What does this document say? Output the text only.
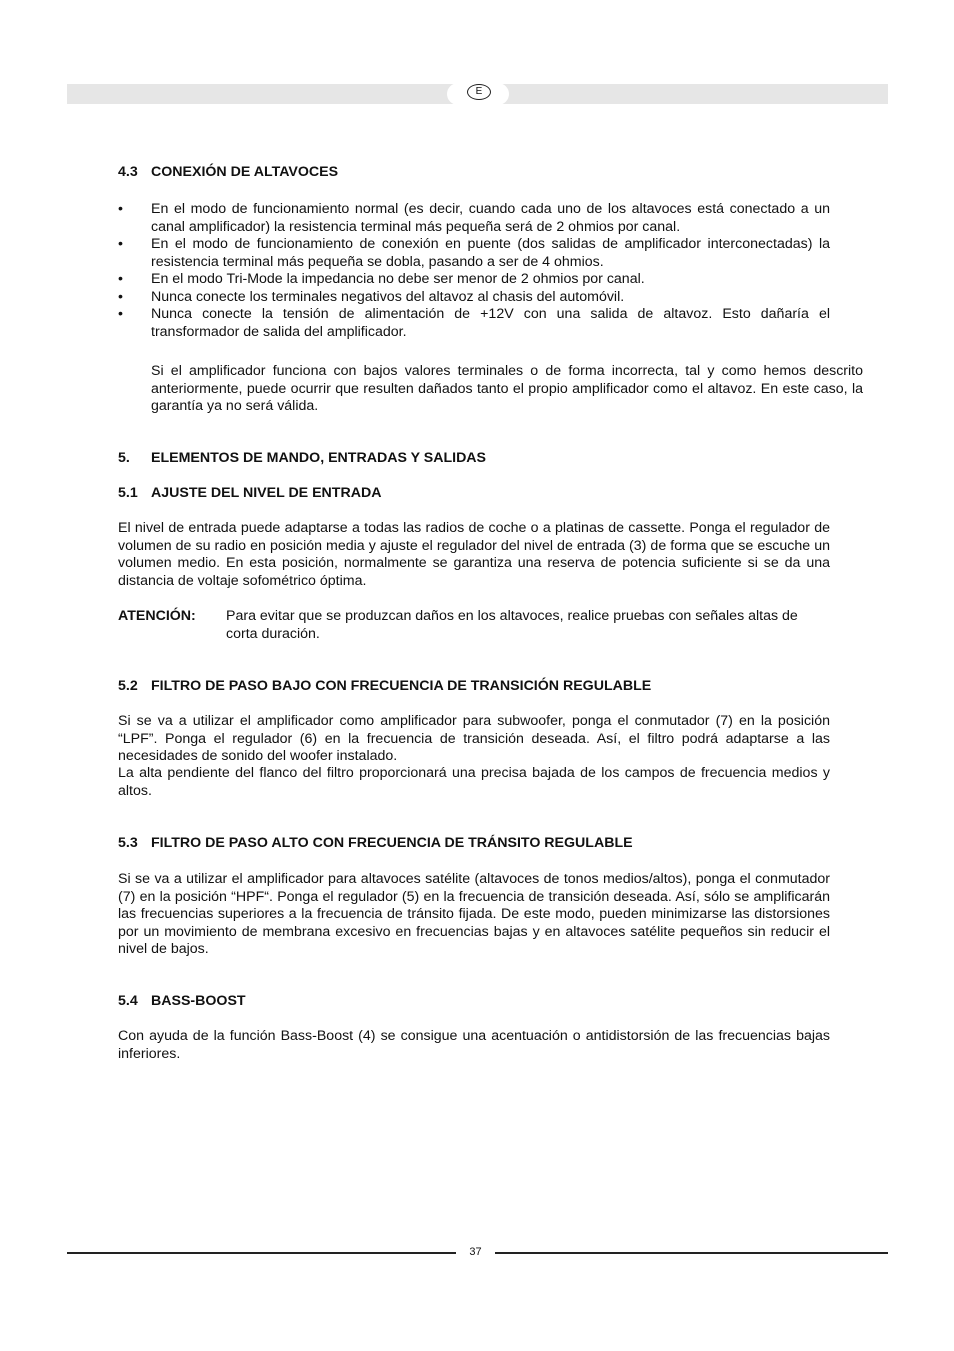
E
4.3 CONEXIÓN DE ALTAVOCES
• En el modo de funcionamiento normal (es decir, cuando cada uno de los altavoces está conectado a un canal amplificador) la resistencia terminal más pequeña será de 2 ohmios por canal.
• En el modo de funcionamiento de conexión en puente (dos salidas de amplificador interconectadas) la resistencia terminal más pequeña se dobla, pasando a ser de 4 ohmios.
• En el modo Tri-Mode la impedancia no debe ser menor de 2 ohmios por canal.
• Nunca conecte los terminales negativos del altavoz al chasis del automóvil.
• Nunca conecte la tensión de alimentación de +12V con una salida de altavoz. Esto dañaría el transformador de salida del amplificador.
Si el amplificador funciona con bajos valores terminales o de forma incorrecta, tal y como hemos descrito anteriormente, puede ocurrir que resulten dañados tanto el propio amplificador como el altavoz. En este caso, la garantía ya no será válida.
5. ELEMENTOS DE MANDO, ENTRADAS Y SALIDAS
5.1 AJUSTE DEL NIVEL DE ENTRADA
El nivel de entrada puede adaptarse a todas las radios de coche o a platinas de cassette. Ponga el regulador de volumen de su radio en posición media y ajuste el regulador del nivel de entrada (3) de forma que se escuche un volumen medio. En esta posición, normalmente se garantiza una reserva de potencia suficiente si se da una distancia de voltaje sofométrico óptima.
ATENCIÓN:	Para evitar que se produzcan daños en los altavoces, realice pruebas con señales altas de corta duración.
5.2 FILTRO DE PASO BAJO CON FRECUENCIA DE TRANSICIÓN REGULABLE
Si se va a utilizar el amplificador como amplificador para subwoofer, ponga el conmutador (7) en la posición “LPF”. Ponga el regulador (6) en la frecuencia de transición deseada. Así, el filtro podrá adaptarse a las necesidades de sonido del woofer instalado.
La alta pendiente del flanco del filtro proporcionará una precisa bajada de los campos de frecuencia medios y altos.
5.3 FILTRO DE PASO ALTO CON FRECUENCIA DE TRÁNSITO REGULABLE
Si se va a utilizar el amplificador para altavoces satélite (altavoces de tonos medios/altos), ponga el conmutador (7) en la posición “HPF“. Ponga el regulador (5) en la frecuencia de transición deseada. Así, sólo se amplificarán las frecuencias superiores a la frecuencia de tránsito fijada. De este modo, pueden minimizarse las distorsiones por un movimiento de membrana excesivo en frecuencias bajas y en altavoces satélite pequeños sin reducir el nivel de bajos.
5.4 BASS-BOOST
Con ayuda de la función Bass-Boost (4) se consigue una acentuación o antidistorsión de las frecuencias bajas inferiores.
37
